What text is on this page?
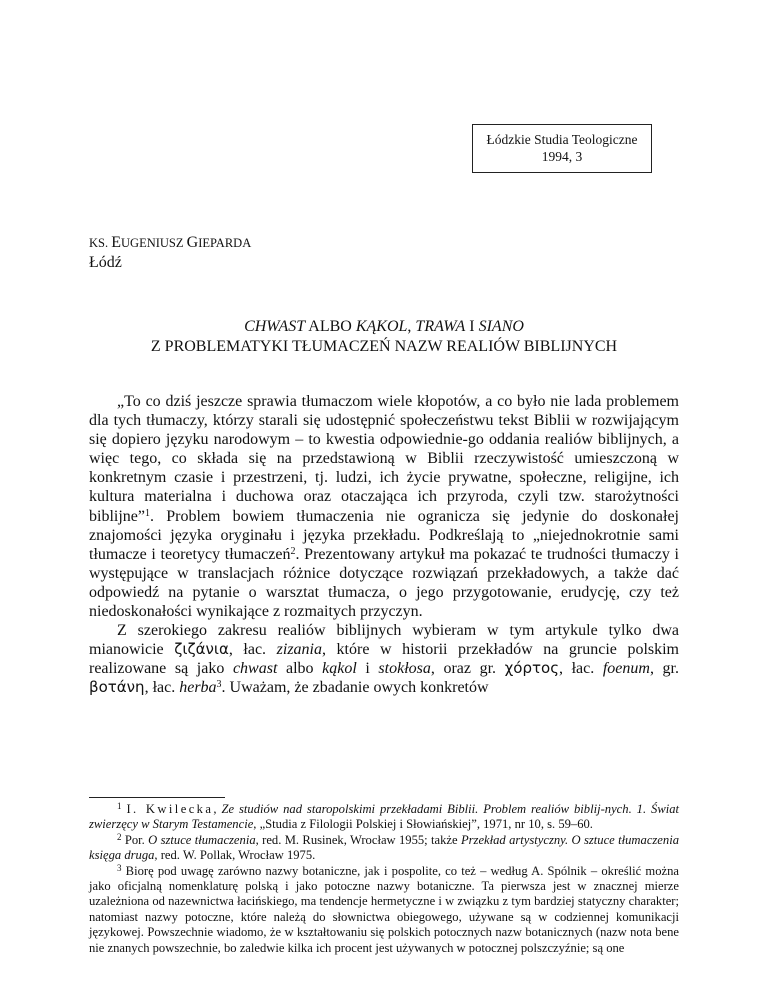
Łódzkie Studia Teologiczne
1994, 3
KS. EUGENIUSZ GIEPARDA
Łódź
CHWAST ALBO KĄKOL, TRAWA I SIANO
Z PROBLEMATYKI TŁUMACZEŃ NAZW REALIÓW BIBLIJNYCH

„To co dziś jeszcze sprawia tłumaczom wiele kłopotów, a co było nie lada problemem dla tych tłumaczy, którzy starali się udostępnić społeczeństwu tekst Biblii w rozwijającym się dopiero języku narodowym – to kwestia odpowiednie-go oddania realiów biblijnych, a więc tego, co składa się na przedstawioną w Biblii rzeczywistość umieszczoną w konkretnym czasie i przestrzeni, tj. ludzi, ich życie prywatne, społeczne, religijne, ich kultura materialna i duchowa oraz otaczająca ich przyroda, czyli tzw. starożytności biblijne”$^1$. Problem bowiem tłumaczenia nie ogranicza się jedynie do doskonałej znajomości języka oryginału i języka przekładu. Podkreślają to „niejednokrotnie sami tłumacze i teoretycy tłumaczeń$^2$. Prezentowany artykuł ma pokazać te trudności tłumaczy i występujące w translacjach różnice dotyczące rozwiązań przekładowych, a także dać odpowiedź na pytanie o warsztat tłumacza, o jego przygotowanie, erudycję, czy też niedoskonałości wynikające z rozmaitych przyczyn.

Z szerokiego zakresu realiów biblijnych wybieram w tym artykule tylko dwa mianowicie ζιζάνια, łac. zizania, które w historii przekładów na gruncie polskim realizowane są jako chwast albo kąkol i stokłosa, oraz gr. χόρτος, łac. foenum, gr. βοτάνη, łac. herba$^3$. Uważam, że zbadanie owych konkretów

$^1$ I. Kwilecka, Ze studiów nad staropolskimi przekładami Biblii. Problem realiów biblij-nych. 1. Świat zwierzęcy w Starym Testamencie, „Studia z Filologii Polskiej i Słowiańskiej”, 1971, nr 10, s. 59–60.

$^2$ Por. O sztuce tłumaczenia, red. M. Rusinek, Wrocław 1955; także Przekład artystyczny. O sztuce tłumaczenia księga druga, red. W. Pollak, Wrocław 1975.

$^3$ Biorę pod uwagę zarówno nazwy botaniczne, jak i pospolite, co też – według A. Spólnik – określić można jako oficjalną nomenklaturę polską i jako potoczne nazwy botaniczne. Ta pierwsza jest w znacznej mierze uzależniona od nazewnictwa łacińskiego, ma tendencje hermetyczne i w związku z tym bardziej statyczny charakter; natomiast nazwy potoczne, które należą do słownictwa obiegowego, używane są w codziennej komunikacji językowej. Powszechnie wiadomo, że w kształtowaniu się polskich potocznych nazw botanicznych (nazw nota bene nie znanych powszechnie, bo zaledwie kilka ich procent jest używanych w potocznej polszczyźnie; są one
